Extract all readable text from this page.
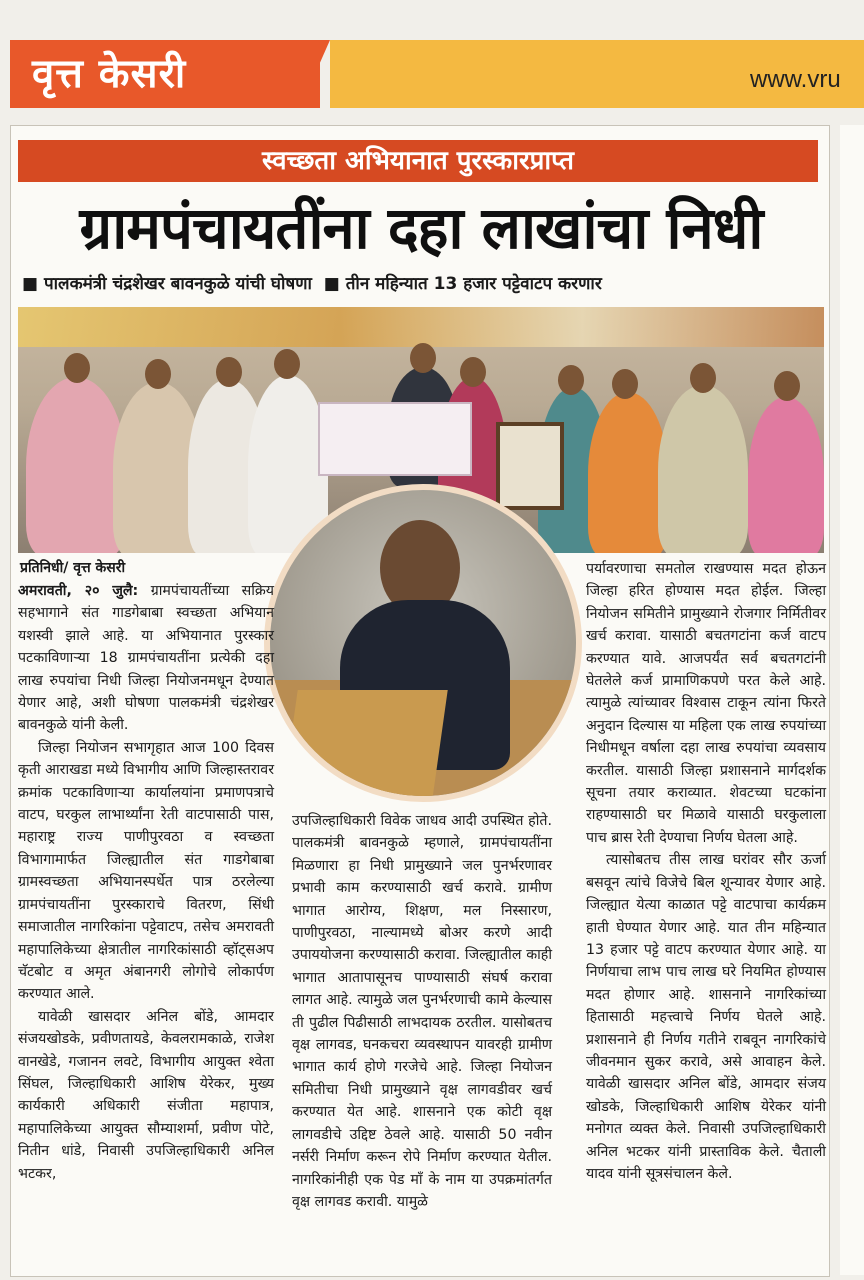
वृत्त केसरी	www.vru
स्वच्छता अभियानात पुरस्कारप्राप्त
ग्रामपंचायतींना दहा लाखांचा निधी
■ पालकमंत्री चंद्रशेखर बावनकुळे यांची घोषणा ■ तीन महिन्यात 13 हजार पट्टेवाटप करणार
प्रतिनिधी/ वृत्त केसरी

अमरावती, २० जुलै: ग्रामपंचायतींच्या सक्रिय सहभागाने संत गाडगेबाबा स्वच्छता अभियान यशस्वी झाले आहे. या अभियानात पुरस्कार पटकाविणाऱ्या 18 ग्रामपंचायतींना प्रत्येकी दहा लाख रुपयांचा निधी जिल्हा नियोजनमधून देण्यात येणार आहे, अशी घोषणा पालकमंत्री चंद्रशेखर बावनकुळे यांनी केली.

जिल्हा नियोजन सभागृहात आज 100 दिवस कृती आराखडा मध्ये विभागीय आणि जिल्हास्तरावर क्रमांक पटकाविणाऱ्या कार्यालयांना प्रमाणपत्राचे वाटप, घरकुल लाभार्थ्यांना रेती वाटपासाठी पास, महाराष्ट्र राज्य पाणीपुरवठा व स्वच्छता विभागामार्फत जिल्ह्यातील संत गाडगेबाबा ग्रामस्वच्छता अभियानस्पर्धेत पात्र ठरलेल्या ग्रामपंचायतींना पुरस्काराचे वितरण, सिंधी समाजातील नागरिकांना पट्टेवाटप, तसेच अमरावती महापालिकेच्या क्षेत्रातील नागरिकांसाठी व्हॉट्सअप चॅटबोट व अमृत अंबानगरी लोगोचे लोकार्पण करण्यात आले.

यावेळी खासदार अनिल बोंडे, आमदार संजयखोडके, प्रवीणतायडे, केवलरामकाळे, राजेश वानखेडे, गजानन लवटे, विभागीय आयुक्त श्वेता सिंघल, जिल्हाधिकारी आशिष येरेकर, मुख्य कार्यकारी अधिकारी संजीता महापात्र, महापालिकेच्या आयुक्त सौम्याशर्मा, प्रवीण पोटे, नितीन धांडे, निवासी उपजिल्हाधिकारी अनिल भटकर,

उपजिल्हाधिकारी विवेक जाधव आदी उपस्थित होते. पालकमंत्री बावनकुळे म्हणाले, ग्रामपंचायतींना मिळणारा हा निधी प्रामुख्याने जल पुनर्भरणावर प्रभावी काम करण्यासाठी खर्च करावे. ग्रामीण भागात आरोग्य, शिक्षण, मल निस्सारण, पाणीपुरवठा, नाल्यामध्ये बोअर करणे आदी उपाययोजना करण्यासाठी करावा. जिल्ह्यातील काही भागात आतापासूनच पाण्यासाठी संघर्ष करावा लागत आहे. त्यामुळे जल पुनर्भरणाची कामे केल्यास ती पुढील पिढीसाठी लाभदायक ठरतील. यासोबतच वृक्ष लागवड, घनकचरा व्यवस्थापन यावरही ग्रामीण भागात कार्य होणे गरजेचे आहे. जिल्हा नियोजन समितीचा निधी प्रामुख्याने वृक्ष लागवडीवर खर्च करण्यात येत आहे. शासनाने एक कोटी वृक्ष लागवडीचे उद्दिष्ट ठेवले आहे. यासाठी 50 नवीन नर्सरी निर्माण करून रोपे निर्माण करण्यात येतील. नागरिकांनीही एक पेड माँ के नाम या उपक्रमांतर्गत वृक्ष लागवड करावी. यामुळे

पर्यावरणाचा समतोल राखण्यास मदत होऊन जिल्हा हरित होण्यास मदत होईल. जिल्हा नियोजन समितीने प्रामुख्याने रोजगार निर्मितीवर खर्च करावा. यासाठी बचतगटांना कर्ज वाटप करण्यात यावे. आजपर्यंत सर्व बचतगटांनी घेतलेले कर्ज प्रामाणिकपणे परत केले आहे. त्यामुळे त्यांच्यावर विश्वास टाकून त्यांना फिरते अनुदान दिल्यास या महिला एक लाख रुपयांच्या निधीमधून वर्षाला दहा लाख रुपयांचा व्यवसाय करतील. यासाठी जिल्हा प्रशासनाने मार्गदर्शक सूचना तयार कराव्यात. शेवटच्या घटकांना राहण्यासाठी घर मिळावे यासाठी घरकुलाला पाच ब्रास रेती देण्याचा निर्णय घेतला आहे.

त्यासोबतच तीस लाख घरांवर सौर ऊर्जा बसवून त्यांचे विजेचे बिल शून्यावर येणार आहे. जिल्ह्यात येत्या काळात पट्टे वाटपाचा कार्यक्रम हाती घेण्यात येणार आहे. यात तीन महिन्यात 13 हजार पट्टे वाटप करण्यात येणार आहे. या निर्णयाचा लाभ पाच लाख घरे नियमित होण्यास मदत होणार आहे. शासनाने नागरिकांच्या हितासाठी महत्त्वाचे निर्णय घेतले आहे. प्रशासनाने ही निर्णय गतीने राबवून नागरिकांचे जीवनमान सुकर करावे, असे आवाहन केले. यावेळी खासदार अनिल बोंडे, आमदार संजय खोडके, जिल्हाधिकारी आशिष येरेकर यांनी मनोगत व्यक्त केले. निवासी उपजिल्हाधिकारी अनिल भटकर यांनी प्रास्ताविक केले. चैताली यादव यांनी सूत्रसंचालन केले.
